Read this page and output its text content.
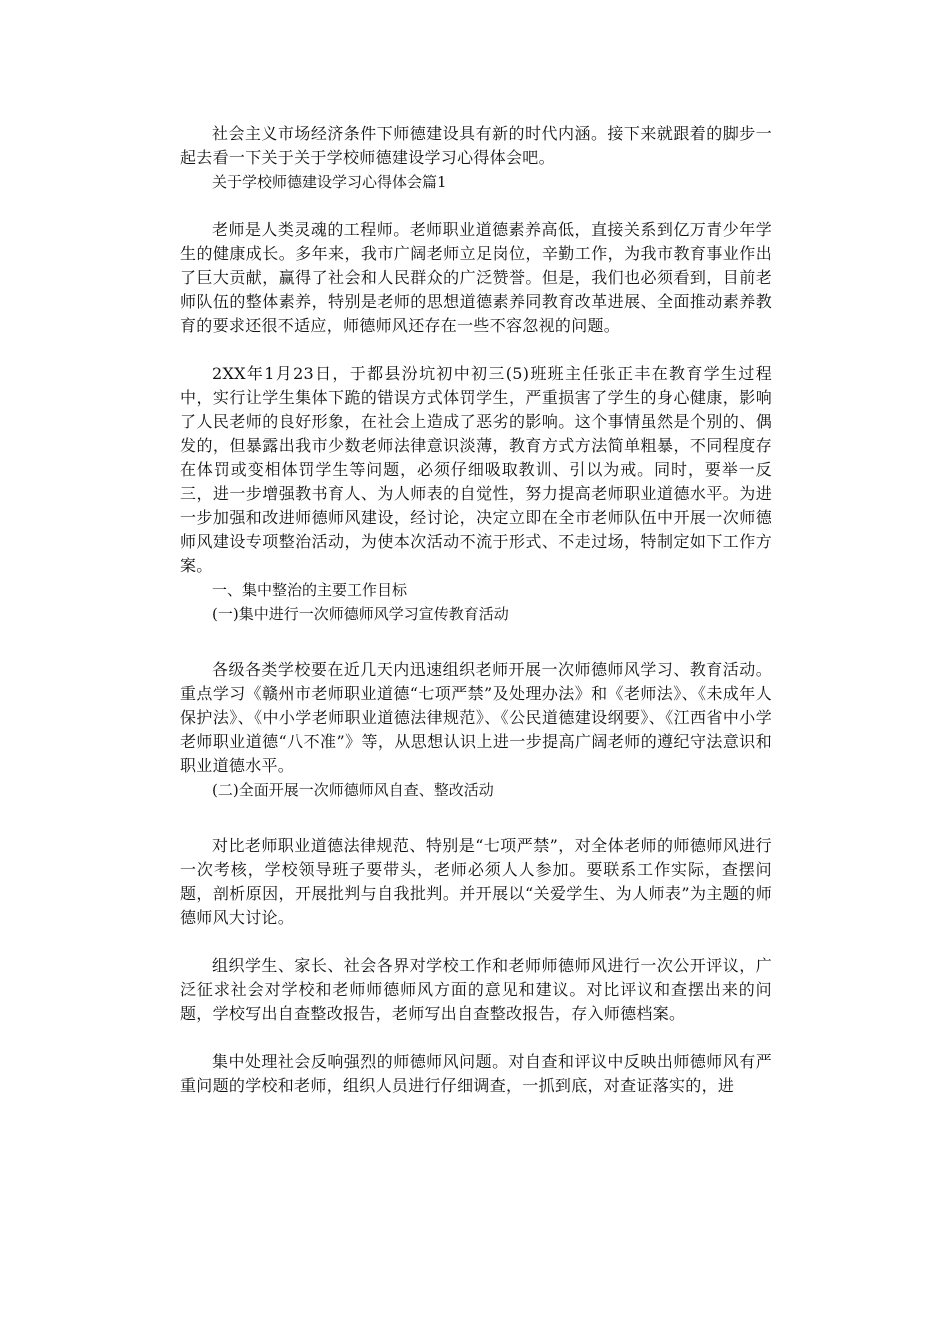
社会主义市场经济条件下师德建设具有新的时代内涵。接下来就跟着的脚步一起去看一下关于关于学校师德建设学习心得体会吧。

关于学校师德建设学习心得体会篇1

老师是人类灵魂的工程师。老师职业道德素养高低，直接关系到亿万青少年学生的健康成长。多年来，我市广阔老师立足岗位，辛勤工作，为我市教育事业作出了巨大贡献，赢得了社会和人民群众的广泛赞誉。但是，我们也必须看到，目前老师队伍的整体素养，特别是老师的思想道德素养同教育改革进展、全面推动素养教育的要求还很不适应，师德师风还存在一些不容忽视的问题。

2XX年1月23日，于都县汾坑初中初三(5)班班主任张正丰在教育学生过程中，实行让学生集体下跪的错误方式体罚学生，严重损害了学生的身心健康，影响了人民老师的良好形象，在社会上造成了恶劣的影响。这个事情虽然是个别的、偶发的，但暴露出我市少数老师法律意识淡薄，教育方式方法简单粗暴，不同程度存在体罚或变相体罚学生等问题，必须仔细吸取教训、引以为戒。同时，要举一反三，进一步增强教书育人、为人师表的自觉性，努力提高老师职业道德水平。为进一步加强和改进师德师风建设，经讨论，决定立即在全市老师队伍中开展一次师德师风建设专项整治活动，为使本次活动不流于形式、不走过场，特制定如下工作方案。

一、集中整治的主要工作目标

(一)集中进行一次师德师风学习宣传教育活动

各级各类学校要在近几天内迅速组织老师开展一次师德师风学习、教育活动。重点学习《赣州市老师职业道德“七项严禁”及处理办法》和《老师法》、《未成年人保护法》、《中小学老师职业道德法律规范》、《公民道德建设纲要》、《江西省中小学老师职业道德“八不准”》等，从思想认识上进一步提高广阔老师的遵纪守法意识和职业道德水平。

(二)全面开展一次师德师风自查、整改活动

对比老师职业道德法律规范、特别是“七项严禁”，对全体老师的师德师风进行一次考核，学校领导班子要带头，老师必须人人参加。要联系工作实际，查摆问题，剖析原因，开展批判与自我批判。并开展以“关爱学生、为人师表”为主题的师德师风大讨论。

组织学生、家长、社会各界对学校工作和老师师德师风进行一次公开评议，广泛征求社会对学校和老师师德师风方面的意见和建议。对比评议和查摆出来的问题，学校写出自查整改报告，老师写出自查整改报告，存入师德档案。

集中处理社会反响强烈的师德师风问题。对自查和评议中反映出师德师风有严重问题的学校和老师，组织人员进行仔细调查，一抓到底，对查证落实的，进
